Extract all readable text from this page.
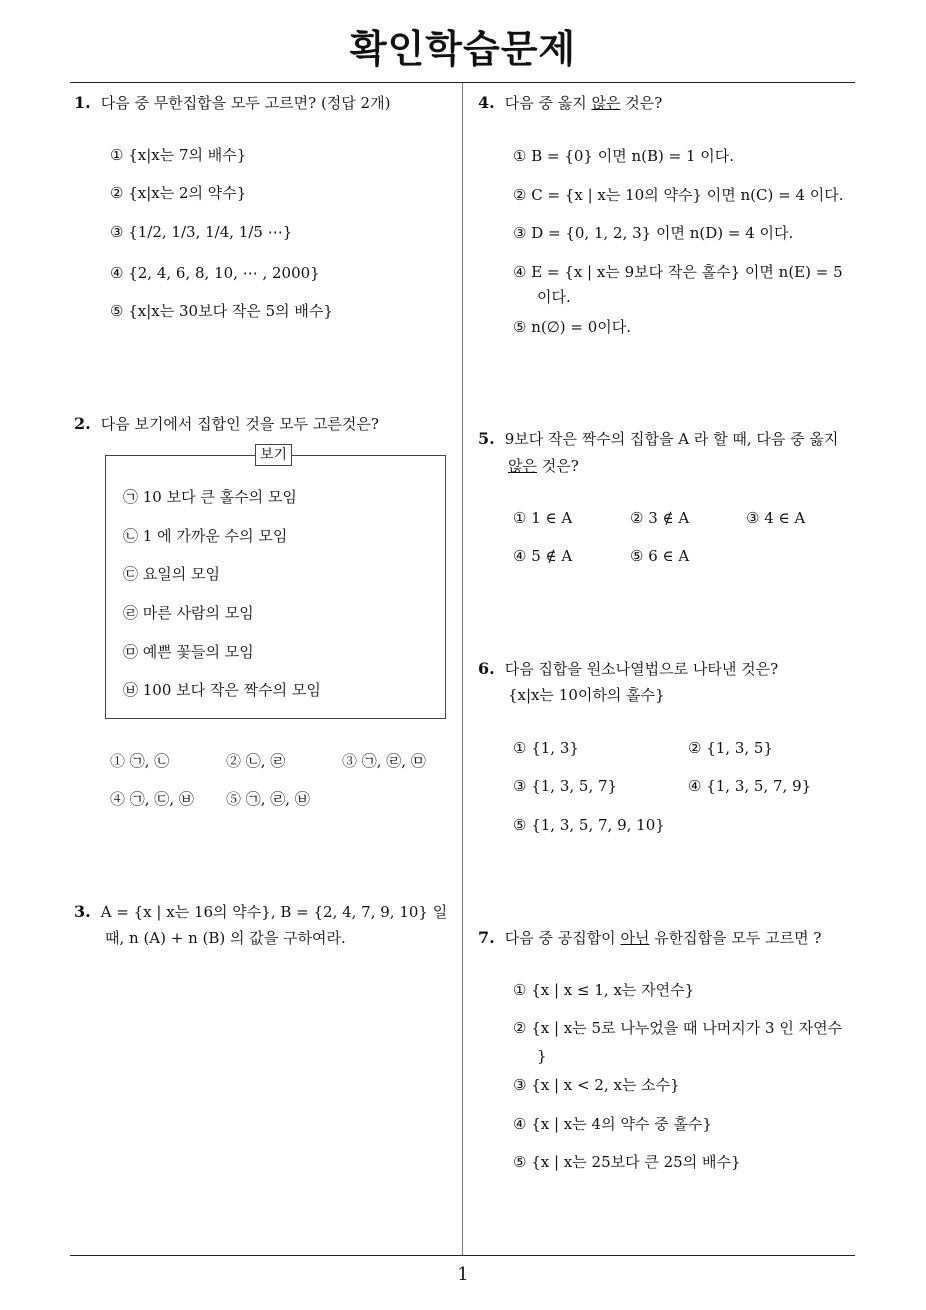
확인학습문제
1
1. 다음 중 무한집합을 모두 고르면? (정답 2개)
① {x|x는 7의 배수}
② {x|x는 2의 약수}
③ {1/2, 1/3, 1/4, 1/5 ⋯}
④ {2, 4, 6, 8, 10, ⋯ , 2000}
⑤ {x|x는 30보다 작은 5의 배수}
2. 다음 보기에서 집합인 것을 모두 고른것은?
보기
㉠ 10 보다 큰 홀수의 모임
㉡ 1 에 가까운 수의 모임
㉢ 요일의 모임
㉣ 마른 사람의 모임
㉤ 예쁜 꽃들의 모임
㉥ 100 보다 작은 짝수의 모임
① ㉠, ㉡	② ㉡, ㉣	③ ㉠, ㉣, ㉤
④ ㉠, ㉢, ㉥ ⑤ ㉠, ㉣, ㉥
3. A = {x | x는 16의 약수}, B = {2, 4, 7, 9, 10} 일
때, n (A) + n (B) 의 값을 구하여라.
4. 다음 중 옳지 않은 것은?
① B = {0} 이면 n(B) = 1 이다.
② C = {x | x는 10의 약수} 이면 n(C) = 4 이다.
③ D = {0, 1, 2, 3} 이면 n(D) = 4 이다.
④ E = {x | x는 9보다 작은 홀수} 이면 n(E) = 5
이다.
⑤ n(∅) = 0이다.
5. 9보다 작은 짝수의 집합을 A 라 할 때, 다음 중 옳지
않은 것은?
① 1 ∈ A	② 3 ∉ A	③ 4 ∈ A
④ 5 ∉ A	⑤ 6 ∈ A
6. 다음 집합을 원소나열법으로 나타낸 것은?
{x|x는 10이하의 홀수}
① {1, 3}	② {1, 3, 5}
③ {1, 3, 5, 7}	④ {1, 3, 5, 7, 9}
⑤ {1, 3, 5, 7, 9, 10}
7. 다음 중 공집합이 아닌 유한집합을 모두 고르면 ?
① {x | x ≤ 1, x는 자연수}
② {x | x는 5로 나누었을 때 나머지가 3 인 자연수
}
③ {x | x < 2, x는 소수}
④ {x | x는 4의 약수 중 홀수}
⑤ {x | x는 25보다 큰 25의 배수}
